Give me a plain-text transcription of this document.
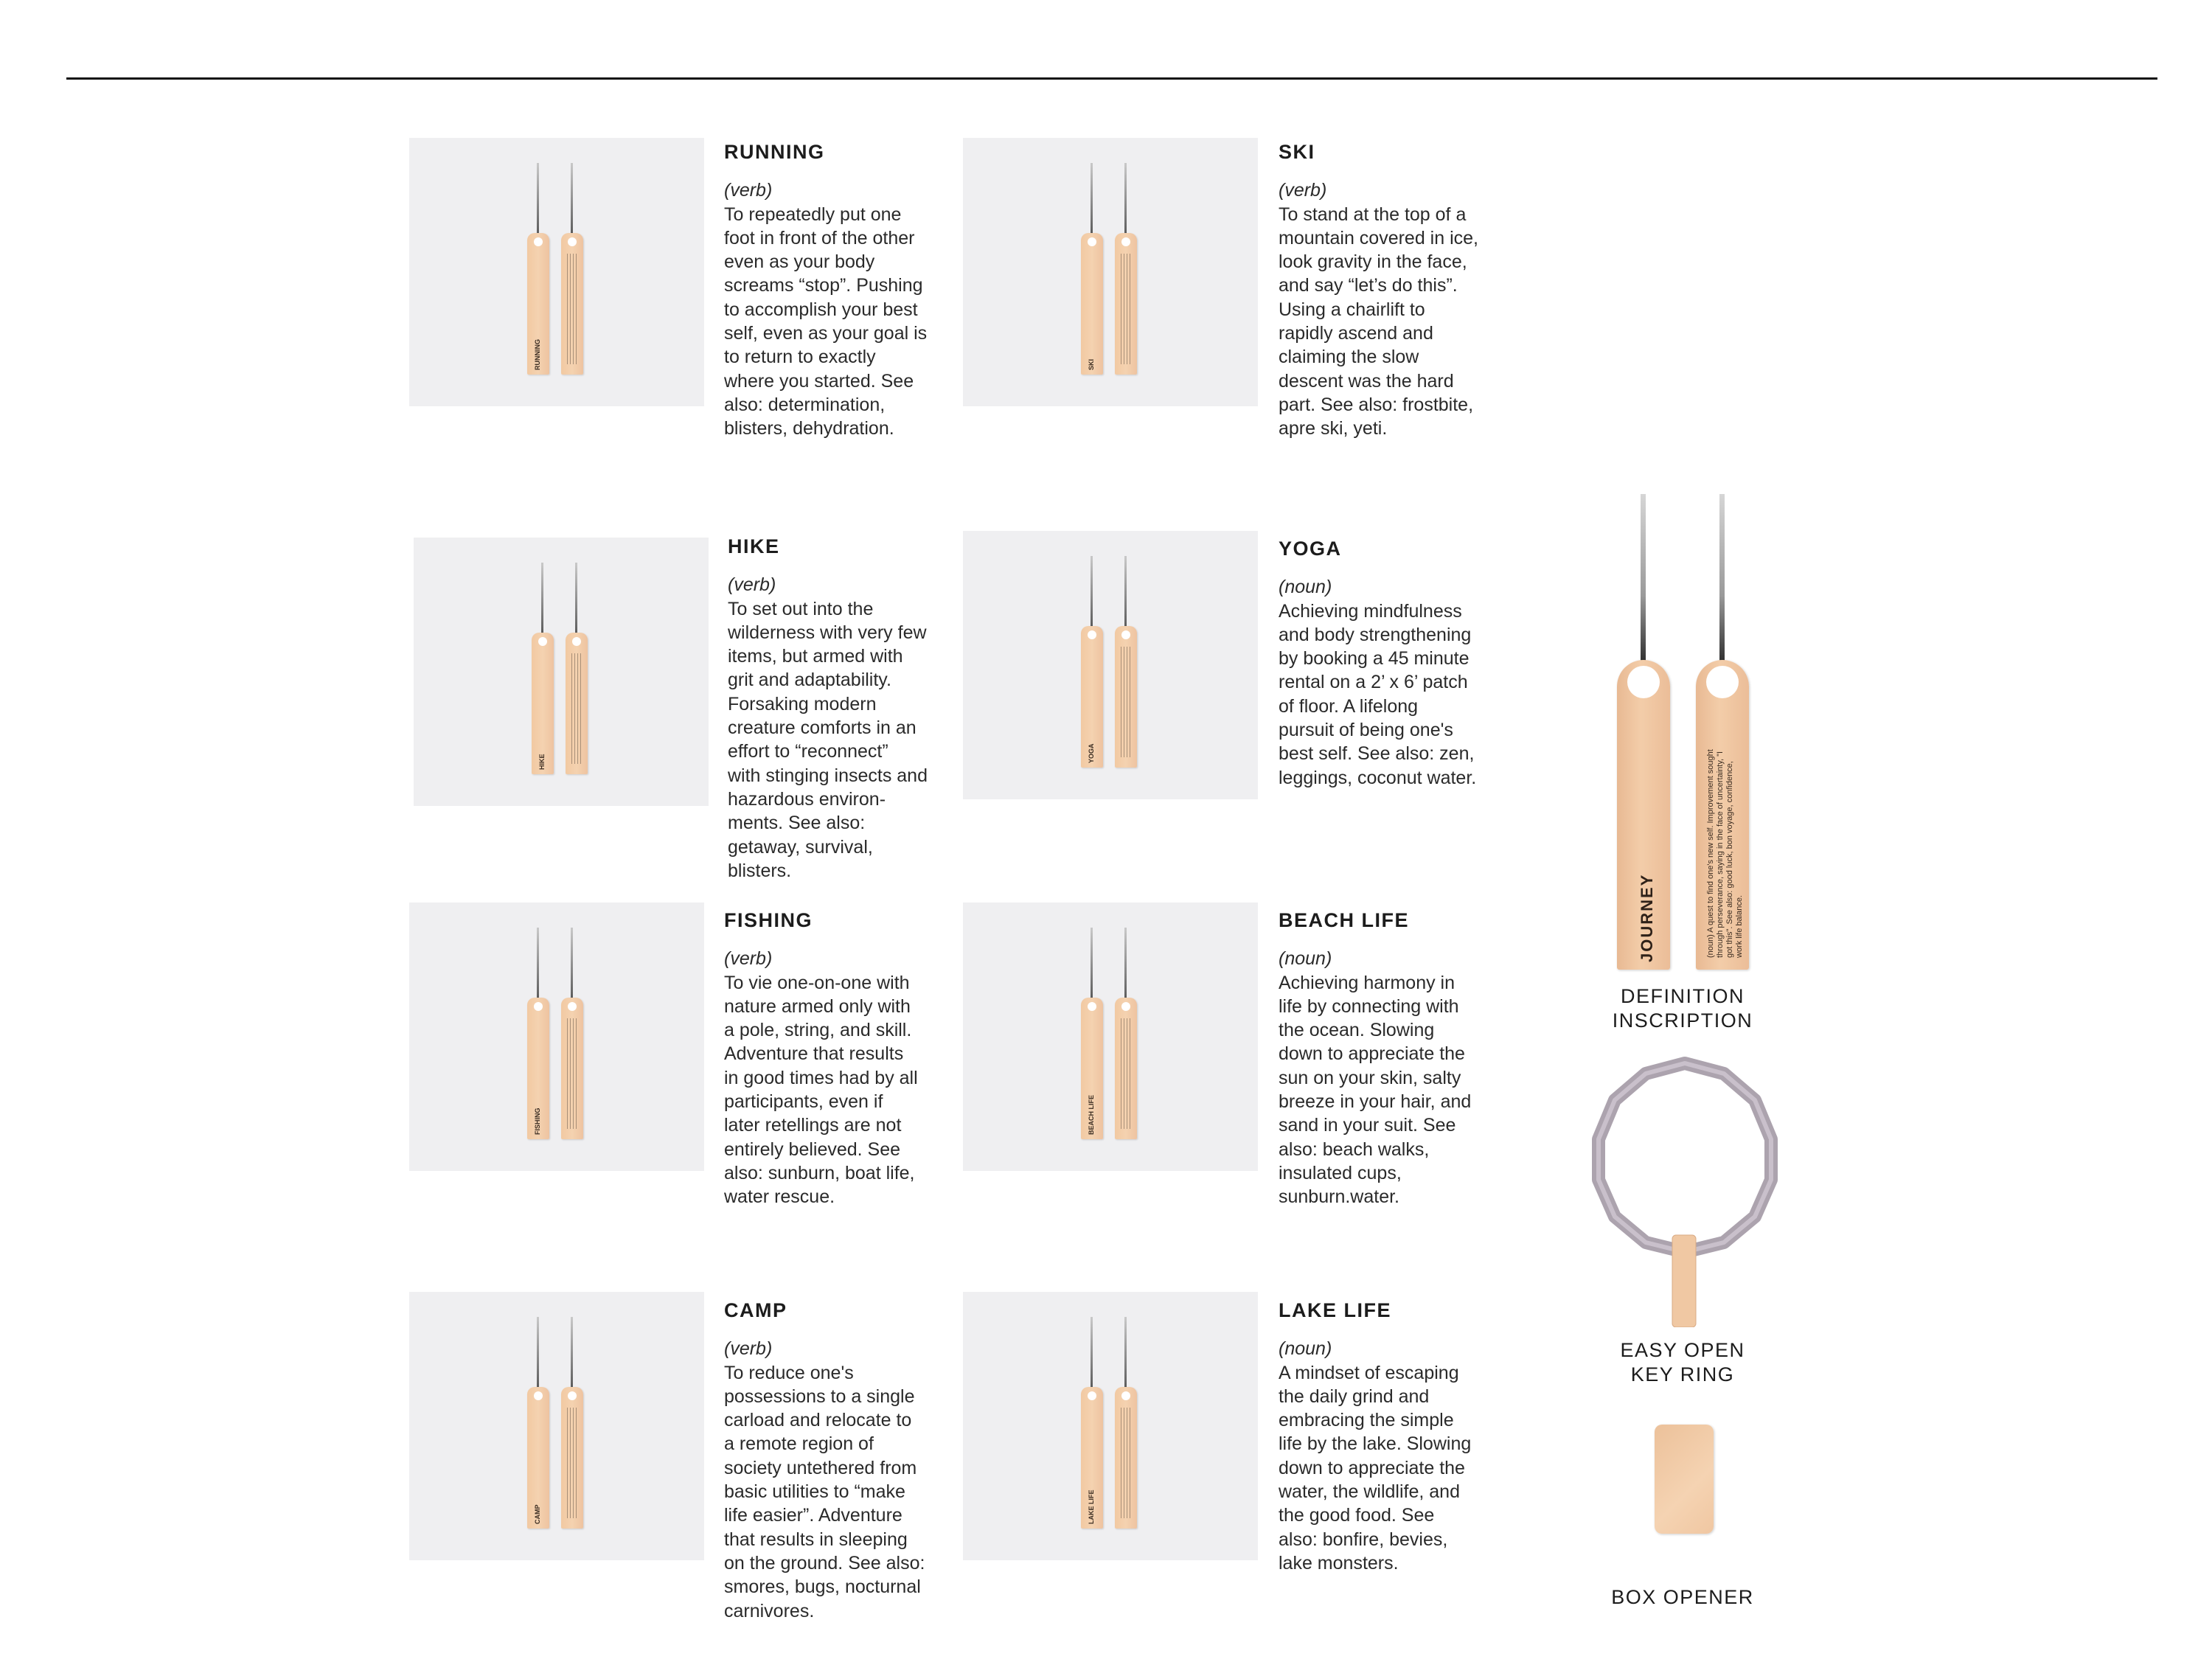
RUNNING
RUNNING
(verb)
To repeatedly put one
foot in front of the other
even as your body
screams “stop”. Pushing
to accomplish your best
self, even as your goal is
to return to exactly
where you started. See
also: determination,
blisters, dehydration.
SKI
SKI
(verb)
To stand at the top of a
mountain covered in ice,
look gravity in the face,
and say “let’s do this”.
Using a chairlift to
rapidly ascend and
claiming the slow
descent was the hard
part. See also: frostbite,
apre ski, yeti.
HIKE
HIKE
(verb)
To set out into the
wilderness with very few
items, but armed with
grit and adaptability.
Forsaking modern
creature comforts in an
effort to “reconnect”
with stinging insects and
hazardous environ-
ments. See also:
getaway, survival,
blisters.
YOGA
YOGA
(noun)
Achieving mindfulness
and body strengthening
by booking a 45 minute
rental on a 2’ x 6’ patch
of floor. A lifelong
pursuit of being one's
best self. See also: zen,
leggings, coconut water.
FISHING
FISHING
(verb)
To vie one-on-one with
nature armed only with
a pole, string, and skill.
Adventure that results
in good times had by all
participants, even if
later retellings are not
entirely believed. See
also: sunburn, boat life,
water rescue.
BEACH LIFE
BEACH LIFE
(noun)
Achieving harmony in
life by connecting with
the ocean. Slowing
down to appreciate the
sun on your skin, salty
breeze in your hair, and
sand in your suit. See
also: beach walks,
insulated cups,
sunburn.water.
CAMP
CAMP
(verb)
To reduce one's
possessions to a single
carload and relocate to
a remote region of
society untethered from
basic utilities to “make
life easier”. Adventure
that results in sleeping
on the ground. See also:
smores, bugs, nocturnal
carnivores.
LAKE LIFE
LAKE LIFE
(noun)
A mindset of escaping
the daily grind and
embracing the simple
life by the lake. Slowing
down to appreciate the
water, the wildlife, and
the good food. See
also: bonfire, bevies,
lake monsters.
JOURNEY	(noun) A quest to find one's new self. Improvement sought through perseverance, saying in the face of uncertainty, "I got this". See also: good luck, bon voyage, confidence, work life balance.
DEFINITION
INSCRIPTION
EASY OPEN
KEY RING
BOX OPENER
